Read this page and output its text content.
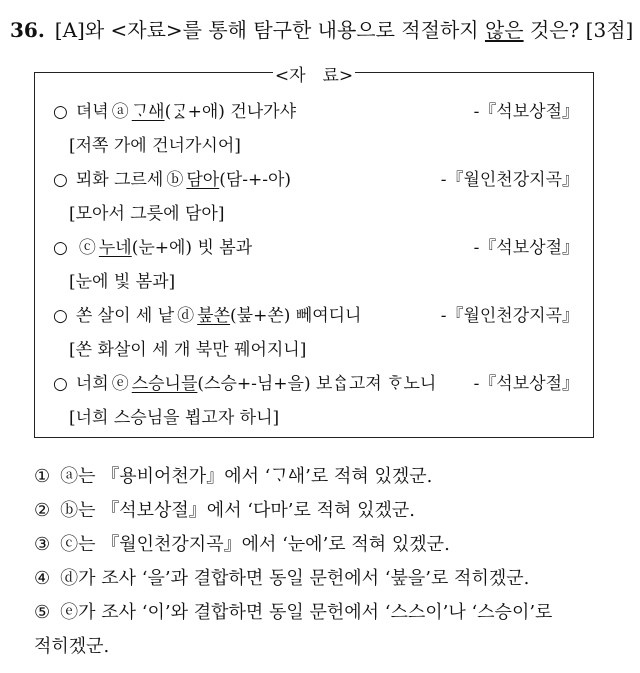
36. [A]와 <자료>를 통해 탐구한 내용으로 적절하지 않은 것은? [3점]
<자　료>
○ 뎌녁 ⓐ ᄀᆞᅀᅢ(ᄀᆞᇫ+애) 건나가샤	-『석보상절』
[저쪽 가에 건너가시어]
○ 뫼화 그르세 ⓑ 담아(담-+-아)	-『월인천강지곡』
[모아서 그릇에 담아]
○ ⓒ 누네(눈+에) 빗 봄과	-『석보상절』
[눈에 빛 봄과]
○ 쏜 살이 세 낱 ⓓ 붚쏜(붚+쏜) 뻬여디니	-『월인천강지곡』
[쏜 화살이 세 개 북만 꿰어지니]
○ 너희 ⓔ 스승니믈(스승+-님+을) 보ᅀᆞᆸ고져 ᄒᆞ노니 -『석보상절』
[너희 스승님을 뵙고자 하니]
① ⓐ는 『용비어천가』에서 ‘ᄀᆞᅀᅢ’로 적혀 있겠군.
② ⓑ는 『석보상절』에서 ‘다마’로 적혀 있겠군.
③ ⓒ는 『월인천강지곡』에서 ‘눈에’로 적혀 있겠군.
④ ⓓ가 조사 ‘을’과 결합하면 동일 문헌에서 ‘붚을’로 적히겠군.
⑤ ⓔ가 조사 ‘이’와 결합하면 동일 문헌에서 ‘스스이’나 ‘스승이’로
적히겠군.
